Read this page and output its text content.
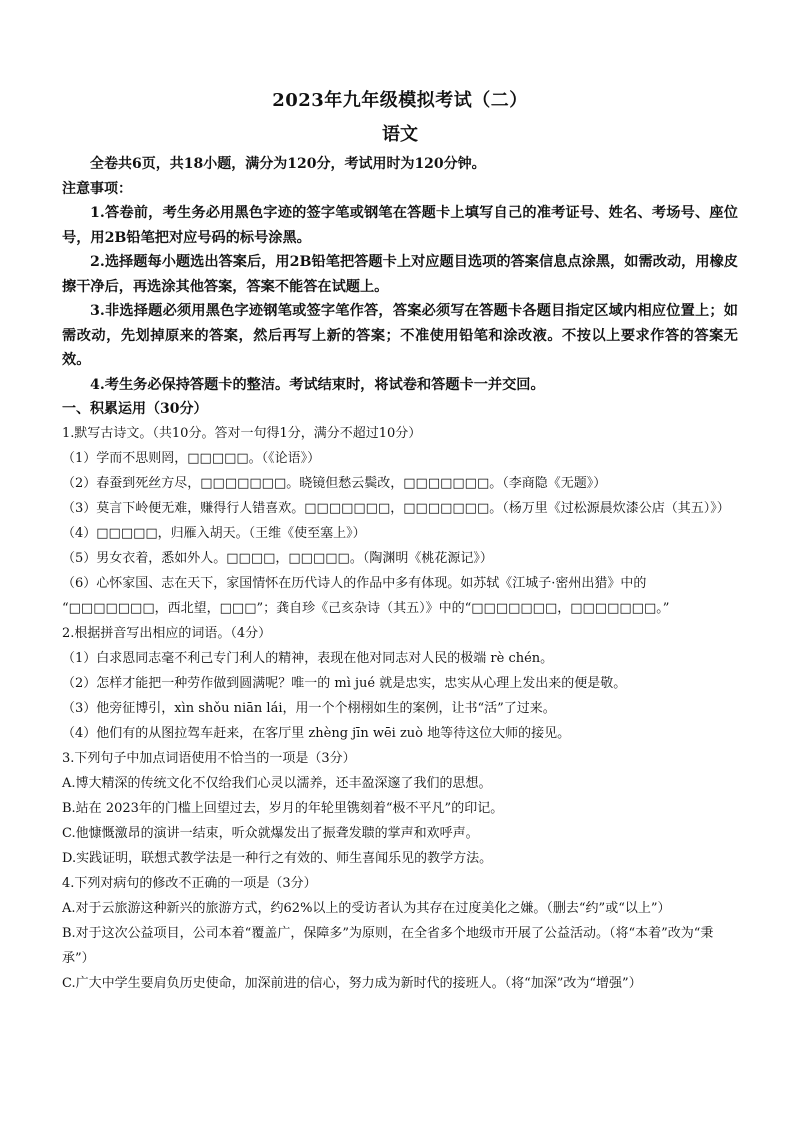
2023年九年级模拟考试（二）
语文

全卷共6页，共18小题，满分为120分，考试用时为120分钟。

注意事项：

1.答卷前，考生务必用黑色字迹的签字笔或钢笔在答题卡上填写自己的准考证号、姓名、考场号、座位号，用2B铅笔把对应号码的标号涂黑。

2.选择题每小题选出答案后，用2B铅笔把答题卡上对应题目选项的答案信息点涂黑，如需改动，用橡皮擦干净后，再选涂其他答案，答案不能答在试题上。

3.非选择题必须用黑色字迹钢笔或签字笔作答，答案必须写在答题卡各题目指定区域内相应位置上；如需改动，先划掉原来的答案，然后再写上新的答案；不准使用铅笔和涂改液。不按以上要求作答的答案无效。

4.考生务必保持答题卡的整洁。考试结束时，将试卷和答题卡一并交回。

一、积累运用（30分）

1.默写古诗文。（共10分。答对一句得1分，满分不超过10分）

（1）学而不思则罔，□□□□□。（《论语》）

（2）春蚕到死丝方尽，□□□□□□□。晓镜但愁云鬓改，□□□□□□□。（李商隐《无题》）

（3）莫言下岭便无难，赚得行人错喜欢。□□□□□□□，□□□□□□□。（杨万里《过松源晨炊漆公店（其五）》）

（4）□□□□□，归雁入胡天。（王维《使至塞上》）

（5）男女衣着，悉如外人。□□□□，□□□□□。（陶渊明《桃花源记》）

（6）心怀家国、志在天下，家国情怀在历代诗人的作品中多有体现。如苏轼《江城子·密州出猎》中的

“□□□□□□□，西北望，□□□”；龚自珍《己亥杂诗（其五）》中的“□□□□□□□，□□□□□□□。”

2.根据拼音写出相应的词语。（4分）

（1）白求恩同志毫不利己专门利人的精神，表现在他对同志对人民的极端 rè chén。

（2）怎样才能把一种劳作做到圆满呢？唯一的 mì jué 就是忠实，忠实从心理上发出来的便是敬。

（3）他旁征博引，xìn shǒu niān lái，用一个个栩栩如生的案例，让书“活”了过来。

（4）他们有的从图拉驾车赶来，在客厅里 zhèng jīn wēi zuò 地等待这位大师的接见。

3.下列句子中加点词语使用不恰当的一项是（3分）

A.博大精深的传统文化不仅给我们心灵以濡养，还丰盈深邃了我们的思想。

B.站在 2023年的门槛上回望过去，岁月的年轮里镌刻着“极不平凡”的印记。

C.他慷慨激昂的演讲一结束，听众就爆发出了振聋发聩的掌声和欢呼声。

D.实践证明，联想式教学法是一种行之有效的、师生喜闻乐见的教学方法。

4.下列对病句的修改不正确的一项是（3分）

A.对于云旅游这种新兴的旅游方式，约62%以上的受访者认为其存在过度美化之嫌。（删去“约”或“以上”）

B.对于这次公益项目，公司本着“覆盖广，保障多”为原则，在全省多个地级市开展了公益活动。（将“本着”改为“秉承”）

C.广大中学生要肩负历史使命，加深前进的信心，努力成为新时代的接班人。（将“加深”改为“增强”）
